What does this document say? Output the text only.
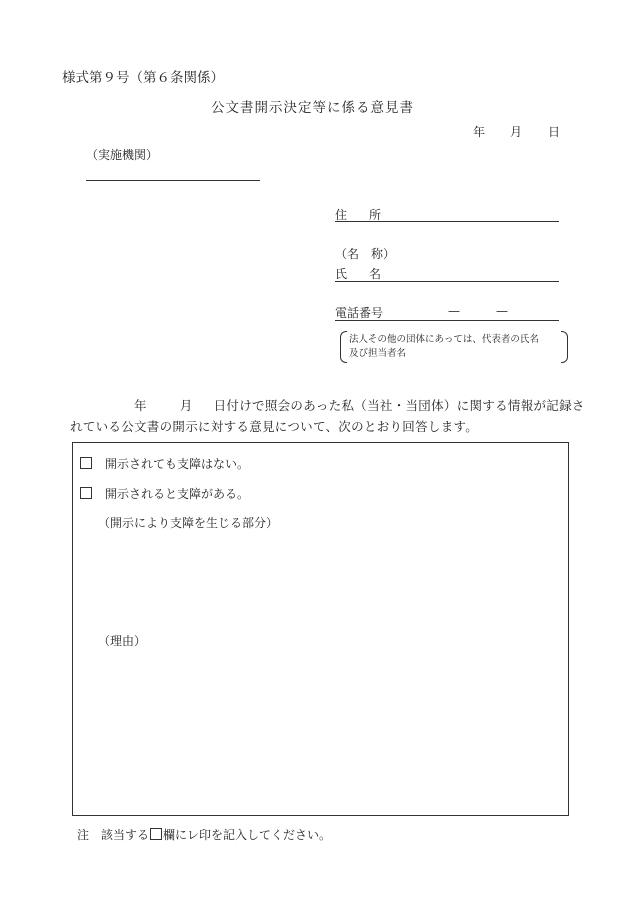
様式第９号（第６条関係）
公文書開示決定等に係る意見書
年 月 日
（実施機関）
住 所
（名　称）
氏 名
電話番号	—	—
法人その他の団体にあっては、代表者の氏名
及び担当者名
年	月 日付けで照会のあった私（当社・当団体）に関する情報が記録さ
れている公文書の開示に対する意見について、次のとおり回答します。
開示されても支障はない。
開示されると支障がある。
（開示により支障を生じる部分）
（理由）
注　該当する 欄にレ印を記入してください。
